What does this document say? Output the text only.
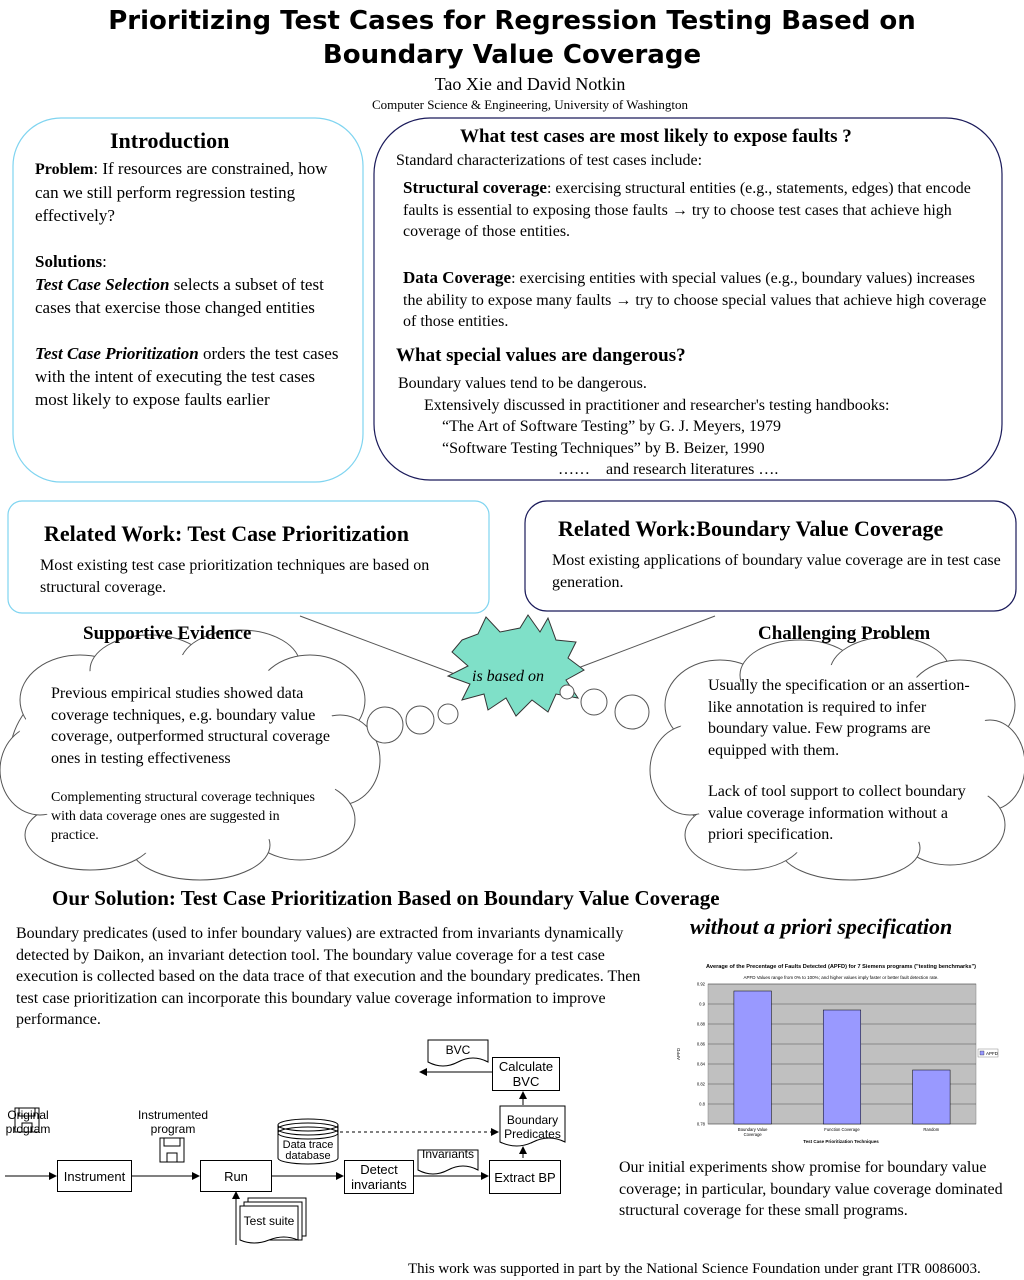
Prioritizing Test Cases for Regression Testing Based on
Boundary Value Coverage
Tao Xie and David Notkin
Computer Science & Engineering, University of Washington
Introduction

Problem: If resources are constrained, how can we still perform regression testing effectively?

Solutions:

Test Case Selection selects a subset of test cases that exercise those changed entities

Test Case Prioritization orders the test cases with the intent of executing the test cases most likely to expose faults earlier

What test cases are most likely to expose faults ?
Standard characterizations of test cases include:
Structural coverage: exercising structural entities (e.g., statements, edges) that encode faults is essential to exposing those faults → try to choose test cases that achieve high coverage of those entities.
Data Coverage: exercising entities with special values (e.g., boundary values) increases the ability to expose many faults → try to choose special values that achieve high coverage of those entities.
What special values are dangerous?
Boundary values tend to be dangerous.
Extensively discussed in practitioner and researcher's testing handbooks:
“The Art of Software Testing” by G. J. Meyers, 1979
“Software Testing Techniques” by B. Beizer, 1990
……    and research literatures ….
Related Work: Test Case Prioritization
Most existing test case prioritization techniques are based on structural coverage.
Related Work:Boundary Value Coverage
Most existing applications of boundary value coverage are in test case generation.
is based on
Supportive Evidence
Previous empirical studies showed data coverage techniques, e.g. boundary value coverage, outperformed structural coverage ones in testing effectiveness
Complementing structural coverage techniques with data coverage ones are suggested in practice.
Challenging Problem
Usually the specification or an assertion-like annotation is required to infer boundary value. Few programs are equipped with them.
Lack of tool support to collect boundary value coverage information without a priori specification.
Our Solution: Test Case Prioritization Based on Boundary Value Coverage
without a priori specification
Boundary predicates (used to infer boundary values) are extracted from invariants dynamically detected by Daikon, an invariant detection tool. The boundary value coverage for a test case execution is collected based on the data trace of that execution and the boundary predicates. Then test case prioritization can incorporate this boundary value coverage information to improve performance.
Our initial experiments show promise for boundary value coverage; in particular, boundary value coverage dominated structural coverage for these small programs.
Original program
Instrumented program
Instrument	Run
Data trace database
Detect invariants
Invariants
Extract BP
Boundary Predicates
Calculate BVC
BVC
Test suite
Average of the Precentage of Faults Detected (APFD) for 7 Siemens programs ("testing benchmarks")
APFD Values range from 0% to 100%; and higher values imply faster or better fault detection rate.
0.78
0.8
0.82
0.84
0.86
0.88
0.9
0.92
Boundary Value
Coverage
Function Coverage	Random
APFD
Test Case Prioritization Techniques
APFD
This work was supported in part by the National Science Foundation under grant ITR 0086003.
